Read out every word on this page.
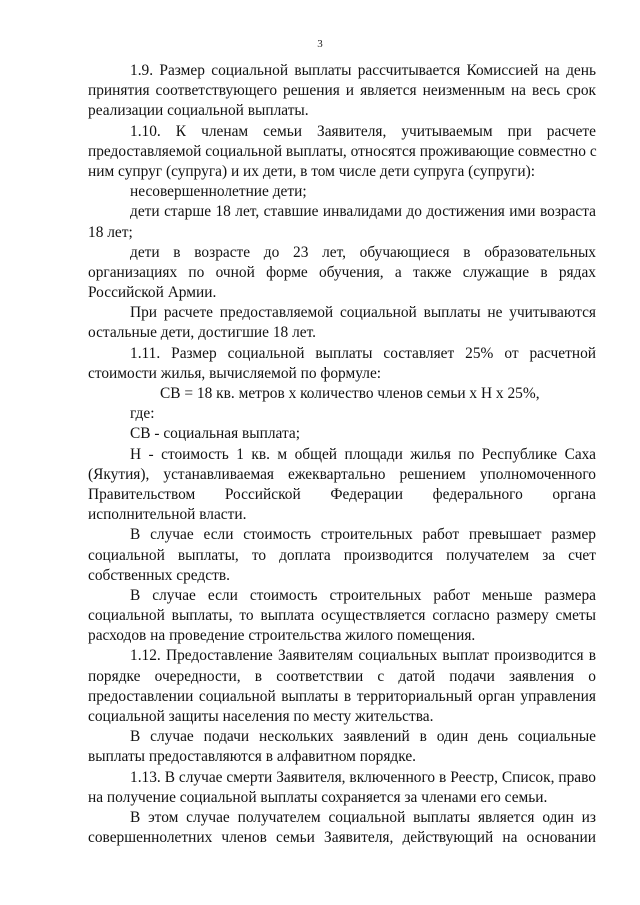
3
1.9. Размер социальной выплаты рассчитывается Комиссией на день
принятия соответствующего решения и является неизменным на весь срок
реализации социальной выплаты.
1.10. К членам семьи Заявителя, учитываемым при расчете
предоставляемой социальной выплаты, относятся проживающие совместно с
ним супруг (супруга) и их дети, в том числе дети супруга (супруги):
несовершеннолетние дети;
дети старше 18 лет, ставшие инвалидами до достижения ими возраста
18 лет;
дети в возрасте до 23 лет, обучающиеся в образовательных
организациях по очной форме обучения, а также служащие в рядах
Российской Армии.
При расчете предоставляемой социальной выплаты не учитываются
остальные дети, достигшие 18 лет.
1.11. Размер социальной выплаты составляет 25% от расчетной
стоимости жилья, вычисляемой по формуле:
СВ = 18 кв. метров х количество членов семьи х Н х 25%,
где:
СВ - социальная выплата;
Н - стоимость 1 кв. м общей площади жилья по Республике Саха
(Якутия), устанавливаемая ежеквартально решением уполномоченного
Правительством Российской Федерации федерального органа
исполнительной власти.
В случае если стоимость строительных работ превышает размер
социальной выплаты, то доплата производится получателем за счет
собственных средств.
В случае если стоимость строительных работ меньше размера
социальной выплаты, то выплата осуществляется согласно размеру сметы
расходов на проведение строительства жилого помещения.
1.12. Предоставление Заявителям социальных выплат производится в
порядке очередности, в соответствии с датой подачи заявления о
предоставлении социальной выплаты в территориальный орган управления
социальной защиты населения по месту жительства.
В случае подачи нескольких заявлений в один день социальные
выплаты предоставляются в алфавитном порядке.
1.13. В случае смерти Заявителя, включенного в Реестр, Список, право
на получение социальной выплаты сохраняется за членами его семьи.
В этом случае получателем социальной выплаты является один из
совершеннолетних членов семьи Заявителя, действующий на основании
